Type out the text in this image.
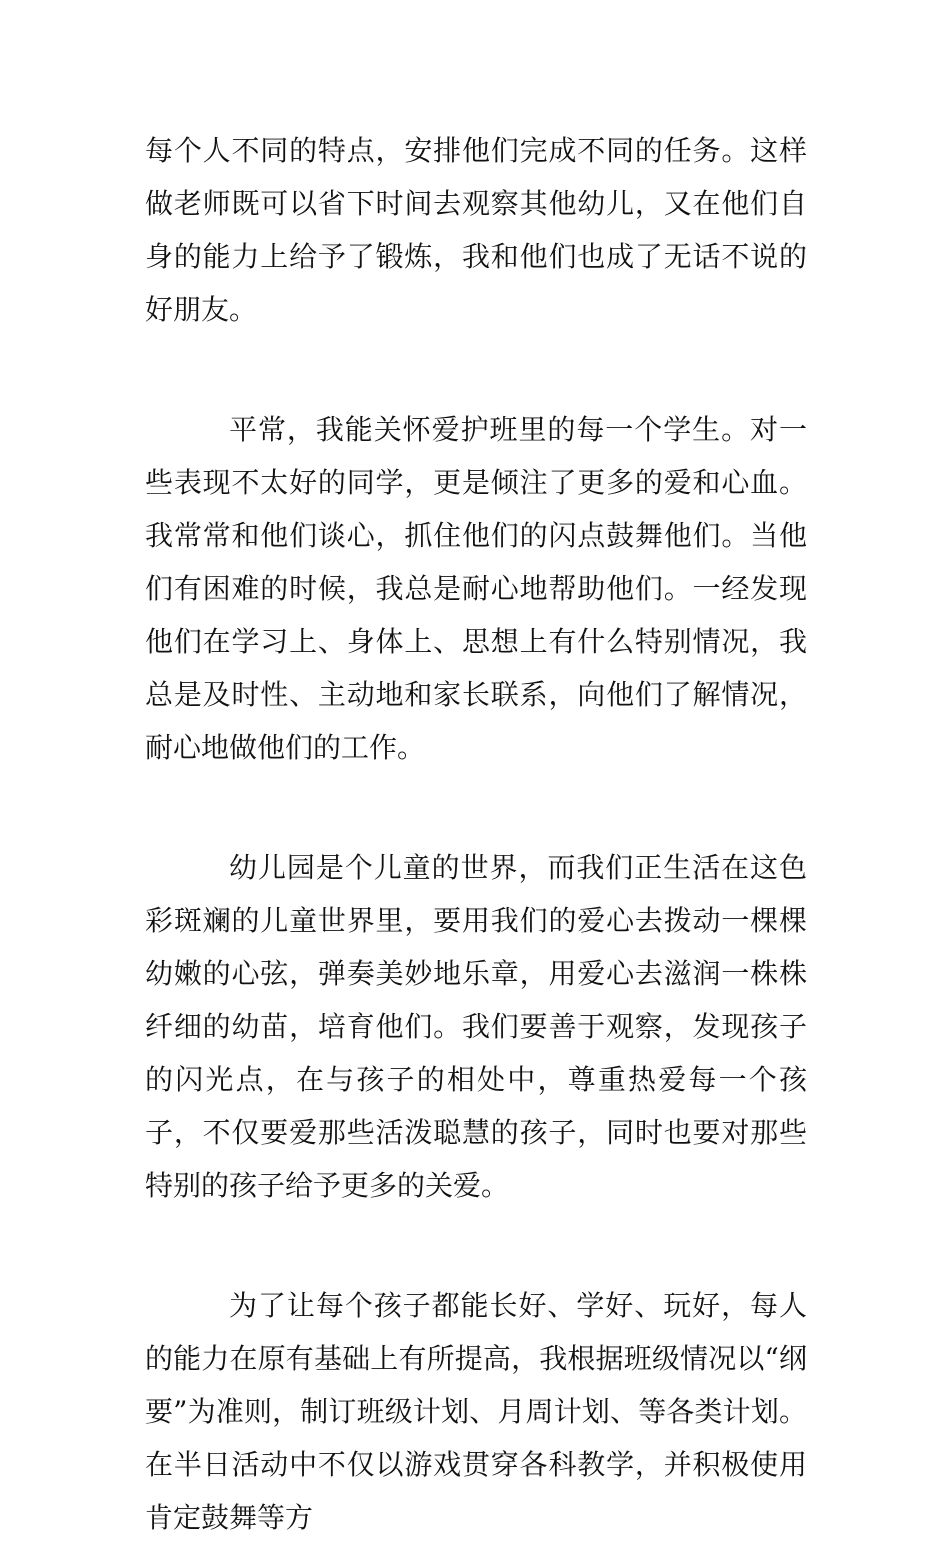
每个人不同的特点，安排他们完成不同的任务。这样做老师既可以省下时间去观察其他幼儿，又在他们自身的能力上给予了锻炼，我和他们也成了无话不说的好朋友。

平常，我能关怀爱护班里的每一个学生。对一些表现不太好的同学，更是倾注了更多的爱和心血。我常常和他们谈心，抓住他们的闪点鼓舞他们。当他们有困难的时候，我总是耐心地帮助他们。一经发现他们在学习上、身体上、思想上有什么特别情况，我总是及时性、主动地和家长联系，向他们了解情况，耐心地做他们的工作。

幼儿园是个儿童的世界，而我们正生活在这色彩斑斓的儿童世界里，要用我们的爱心去拨动一棵棵幼嫩的心弦，弹奏美妙地乐章，用爱心去滋润一株株纤细的幼苗，培育他们。我们要善于观察，发现孩子的闪光点，在与孩子的相处中，尊重热爱每一个孩子，不仅要爱那些活泼聪慧的孩子，同时也要对那些特别的孩子给予更多的关爱。

为了让每个孩子都能长好、学好、玩好，每人的能力在原有基础上有所提高，我根据班级情况以“纲要”为准则，制订班级计划、月周计划、等各类计划。在半日活动中不仅以游戏贯穿各科教学，并积极使用肯定鼓舞等方
